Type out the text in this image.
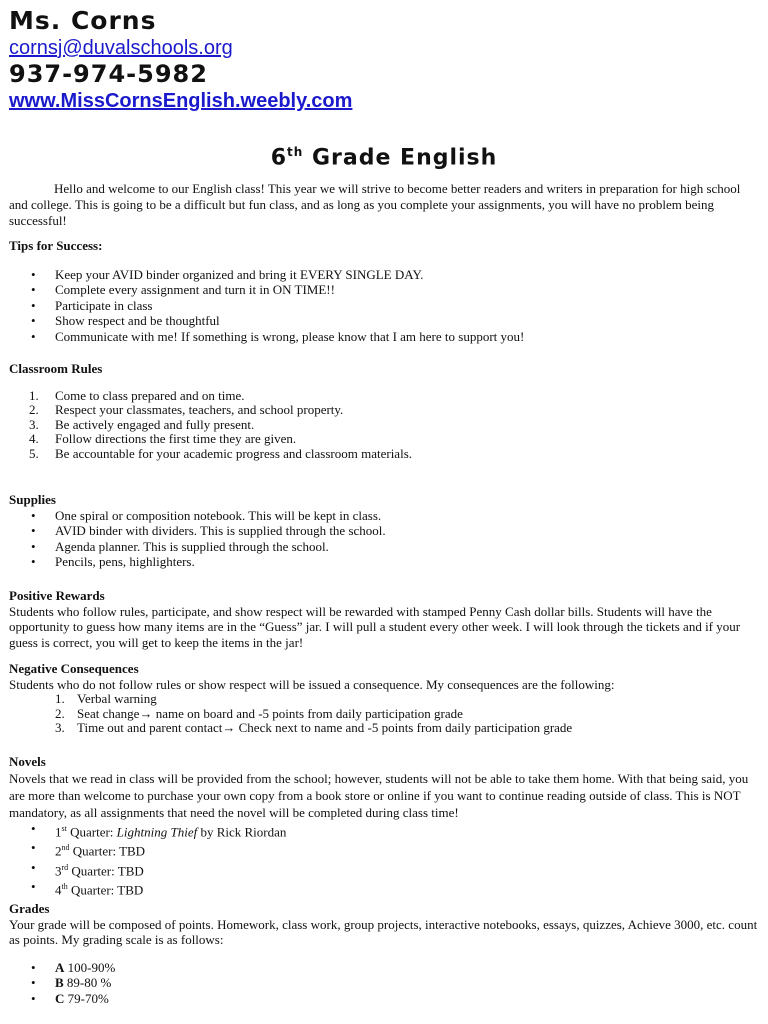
Ms. Corns
cornsj@duvalschools.org
937-974-5982
www.MissCornsEnglish.weebly.com
6th Grade English

Hello and welcome to our English class! This year we will strive to become better readers and writers in preparation for high school and college. This is going to be a difficult but fun class, and as long as you complete your assignments, you will have no problem being successful!

Tips for Success:

• Keep your AVID binder organized and bring it EVERY SINGLE DAY.
• Complete every assignment and turn it in ON TIME!!
• Participate in class
• Show respect and be thoughtful
• Communicate with me! If something is wrong, please know that I am here to support you!

Classroom Rules

1. Come to class prepared and on time.
2. Respect your classmates, teachers, and school property.
3. Be actively engaged and fully present.
4. Follow directions the first time they are given.
5. Be accountable for your academic progress and classroom materials.

Supplies

• One spiral or composition notebook. This will be kept in class.
• AVID binder with dividers. This is supplied through the school.
• Agenda planner. This is supplied through the school.
• Pencils, pens, highlighters.

Positive Rewards

Students who follow rules, participate, and show respect will be rewarded with stamped Penny Cash dollar bills. Students will have the opportunity to guess how many items are in the “Guess” jar. I will pull a student every other week. I will look through the tickets and if your guess is correct, you will get to keep the items in the jar!

Negative Consequences

Students who do not follow rules or show respect will be issued a consequence. My consequences are the following:

1. Verbal warning
2. Seat change→ name on board and -5 points from daily participation grade
3. Time out and parent contact→ Check next to name and -5 points from daily participation grade

Novels

Novels that we read in class will be provided from the school; however, students will not be able to take them home. With that being said, you are more than welcome to purchase your own copy from a book store or online if you want to continue reading outside of class. This is NOT mandatory, as all assignments that need the novel will be completed during class time!

• 1st Quarter: Lightning Thief by Rick Riordan
• 2nd Quarter: TBD
• 3rd Quarter: TBD
• 4th Quarter: TBD

Grades

Your grade will be composed of points. Homework, class work, group projects, interactive notebooks, essays, quizzes, Achieve 3000, etc. count as points. My grading scale is as follows:

• A 100-90%
• B 89-80 %
• C 79-70%
